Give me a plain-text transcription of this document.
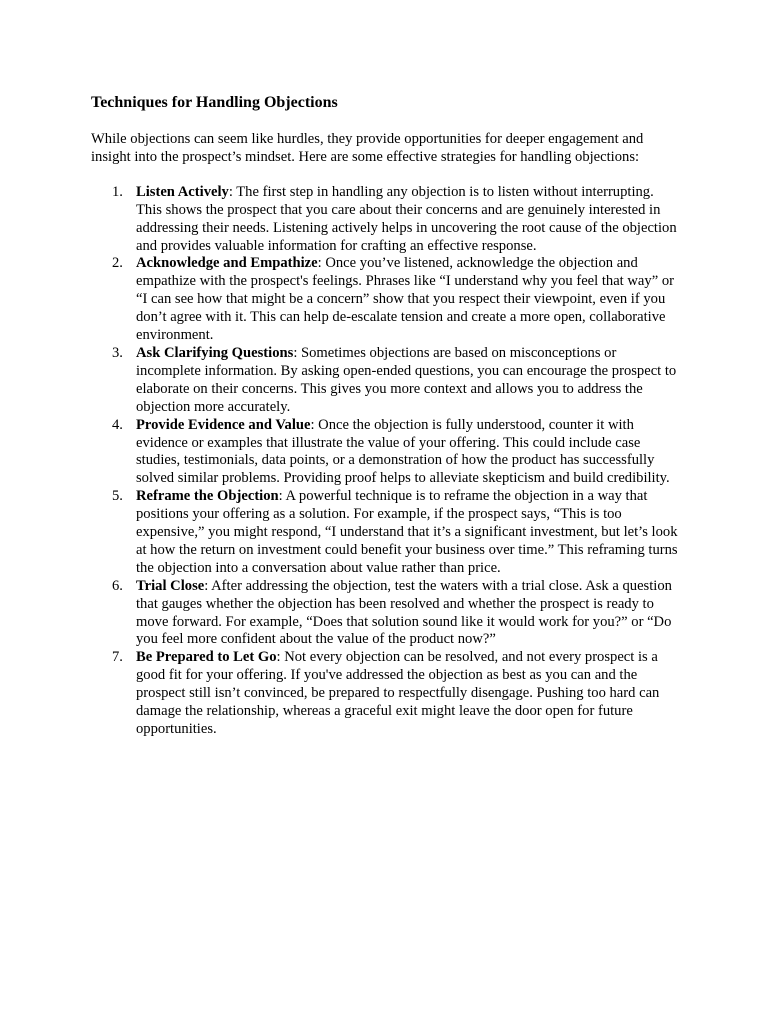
Techniques for Handling Objections

While objections can seem like hurdles, they provide opportunities for deeper engagement and insight into the prospect’s mindset. Here are some effective strategies for handling objections:

1. Listen Actively: The first step in handling any objection is to listen without interrupting. This shows the prospect that you care about their concerns and are genuinely interested in addressing their needs. Listening actively helps in uncovering the root cause of the objection and provides valuable information for crafting an effective response.
2. Acknowledge and Empathize: Once you’ve listened, acknowledge the objection and empathize with the prospect's feelings. Phrases like “I understand why you feel that way” or “I can see how that might be a concern” show that you respect their viewpoint, even if you don’t agree with it. This can help de-escalate tension and create a more open, collaborative environment.
3. Ask Clarifying Questions: Sometimes objections are based on misconceptions or incomplete information. By asking open-ended questions, you can encourage the prospect to elaborate on their concerns. This gives you more context and allows you to address the objection more accurately.
4. Provide Evidence and Value: Once the objection is fully understood, counter it with evidence or examples that illustrate the value of your offering. This could include case studies, testimonials, data points, or a demonstration of how the product has successfully solved similar problems. Providing proof helps to alleviate skepticism and build credibility.
5. Reframe the Objection: A powerful technique is to reframe the objection in a way that positions your offering as a solution. For example, if the prospect says, “This is too expensive,” you might respond, “I understand that it’s a significant investment, but let’s look at how the return on investment could benefit your business over time.” This reframing turns the objection into a conversation about value rather than price.
6. Trial Close: After addressing the objection, test the waters with a trial close. Ask a question that gauges whether the objection has been resolved and whether the prospect is ready to move forward. For example, “Does that solution sound like it would work for you?” or “Do you feel more confident about the value of the product now?”
7. Be Prepared to Let Go: Not every objection can be resolved, and not every prospect is a good fit for your offering. If you've addressed the objection as best as you can and the prospect still isn’t convinced, be prepared to respectfully disengage. Pushing too hard can damage the relationship, whereas a graceful exit might leave the door open for future opportunities.
